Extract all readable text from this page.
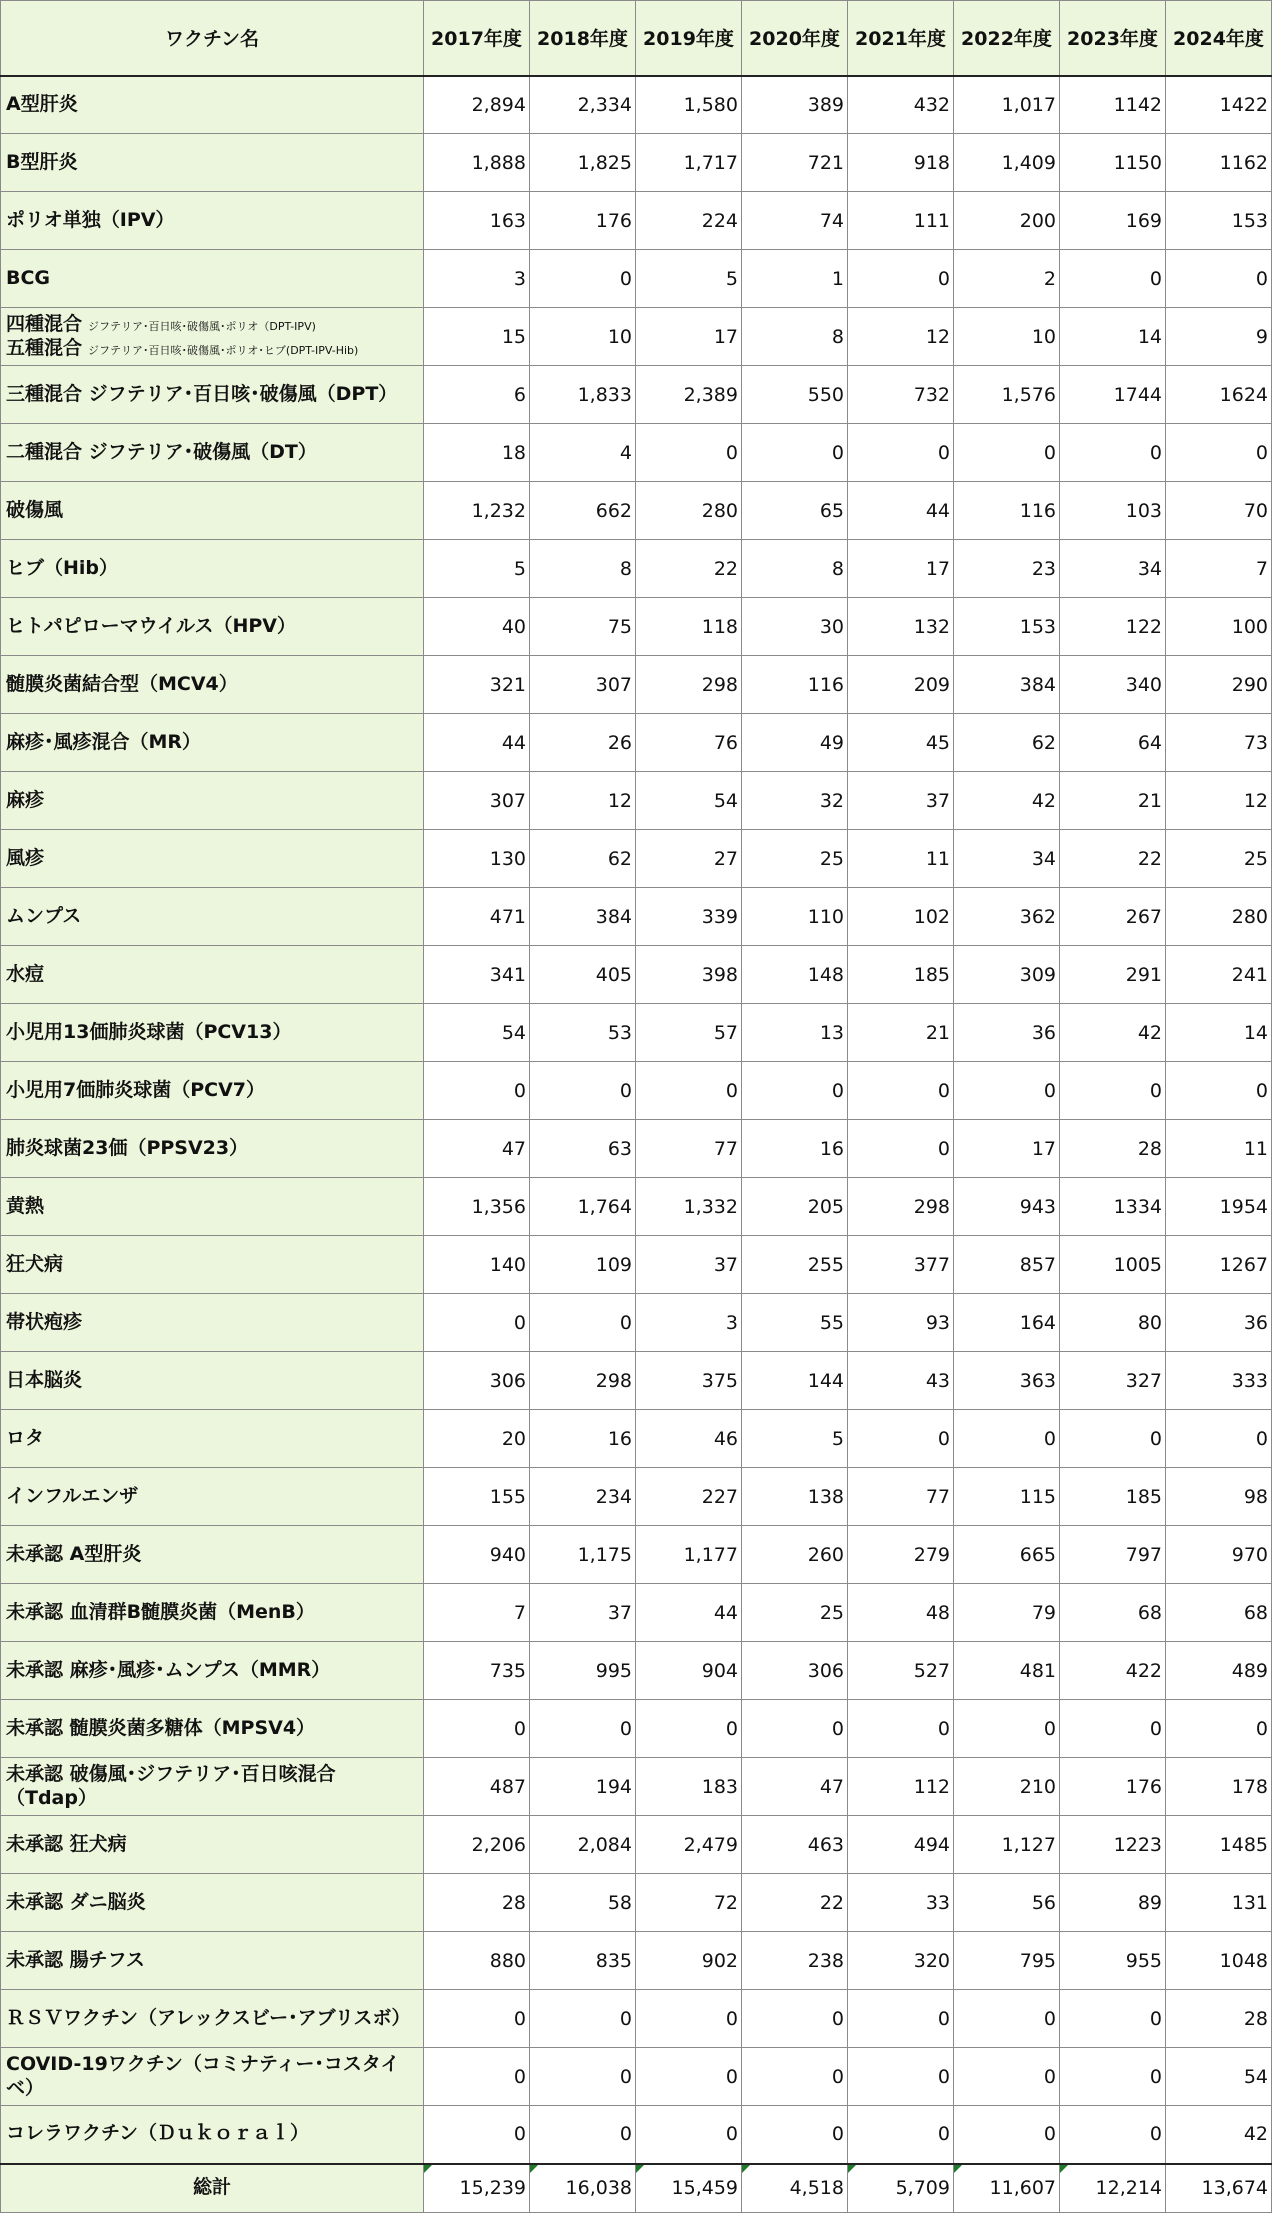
ワクチン名	2017年度	2018年度	2019年度	2020年度	2021年度	2022年度	2023年度	2024年度

A型肝炎	2,894	2,334	1,580	389	432	1,017	1142	1422

B型肝炎	1,888	1,825	1,717	721	918	1,409	1150	1162

ポリオ単独（IPV）	163	176	224	74	111	200	169	153

BCG	3	0	5	1	0	2	0	0

四種混合 ジフテリア･百日咳･破傷風･ポリオ（DPT-IPV)
五種混合 ジフテリア･百日咳･破傷風･ポリオ･ヒブ(DPT-IPV-Hib)	15	10	17	8	12	10	14	9

三種混合 ジフテリア･百日咳･破傷風（DPT）	6	1,833	2,389	550	732	1,576	1744	1624

二種混合 ジフテリア･破傷風（DT）	18	4	0	0	0	0	0	0

破傷風	1,232	662	280	65	44	116	103	70

ヒブ（Hib）	5	8	22	8	17	23	34	7

ヒトパピローマウイルス（HPV）	40	75	118	30	132	153	122	100

髄膜炎菌結合型（MCV4）	321	307	298	116	209	384	340	290

麻疹･風疹混合（MR）	44	26	76	49	45	62	64	73

麻疹	307	12	54	32	37	42	21	12

風疹	130	62	27	25	11	34	22	25

ムンプス	471	384	339	110	102	362	267	280

水痘	341	405	398	148	185	309	291	241

小児用13価肺炎球菌（PCV13）	54	53	57	13	21	36	42	14

小児用7価肺炎球菌（PCV7）	0	0	0	0	0	0	0	0

肺炎球菌23価（PPSV23）	47	63	77	16	0	17	28	11

黄熱	1,356	1,764	1,332	205	298	943	1334	1954

狂犬病	140	109	37	255	377	857	1005	1267

帯状疱疹	0	0	3	55	93	164	80	36

日本脳炎	306	298	375	144	43	363	327	333

ロタ	20	16	46	5	0	0	0	0

インフルエンザ	155	234	227	138	77	115	185	98

未承認 A型肝炎	940	1,175	1,177	260	279	665	797	970

未承認 血清群B髄膜炎菌（MenB）	7	37	44	25	48	79	68	68

未承認 麻疹･風疹･ムンプス（MMR）	735	995	904	306	527	481	422	489

未承認 髄膜炎菌多糖体（MPSV4）	0	0	0	0	0	0	0	0

未承認 破傷風･ジフテリア･百日咳混合
（Tdap）	487	194	183	47	112	210	176	178

未承認 狂犬病	2,206	2,084	2,479	463	494	1,127	1223	1485

未承認 ダニ脳炎	28	58	72	22	33	56	89	131

未承認 腸チフス	880	835	902	238	320	795	955	1048

ＲＳＶワクチン（アレックスビー･アブリスボ）	0	0	0	0	0	0	0	28

COVID-19ワクチン（コミナティー･コスタイベ）	0	0	0	0	0	0	0	54

コレラワクチン（Ｄｕｋｏｒａｌ）	0	0	0	0	0	0	0	42
総計	15,239	16,038	15,459	4,518	5,709	11,607	12,214	13,674
